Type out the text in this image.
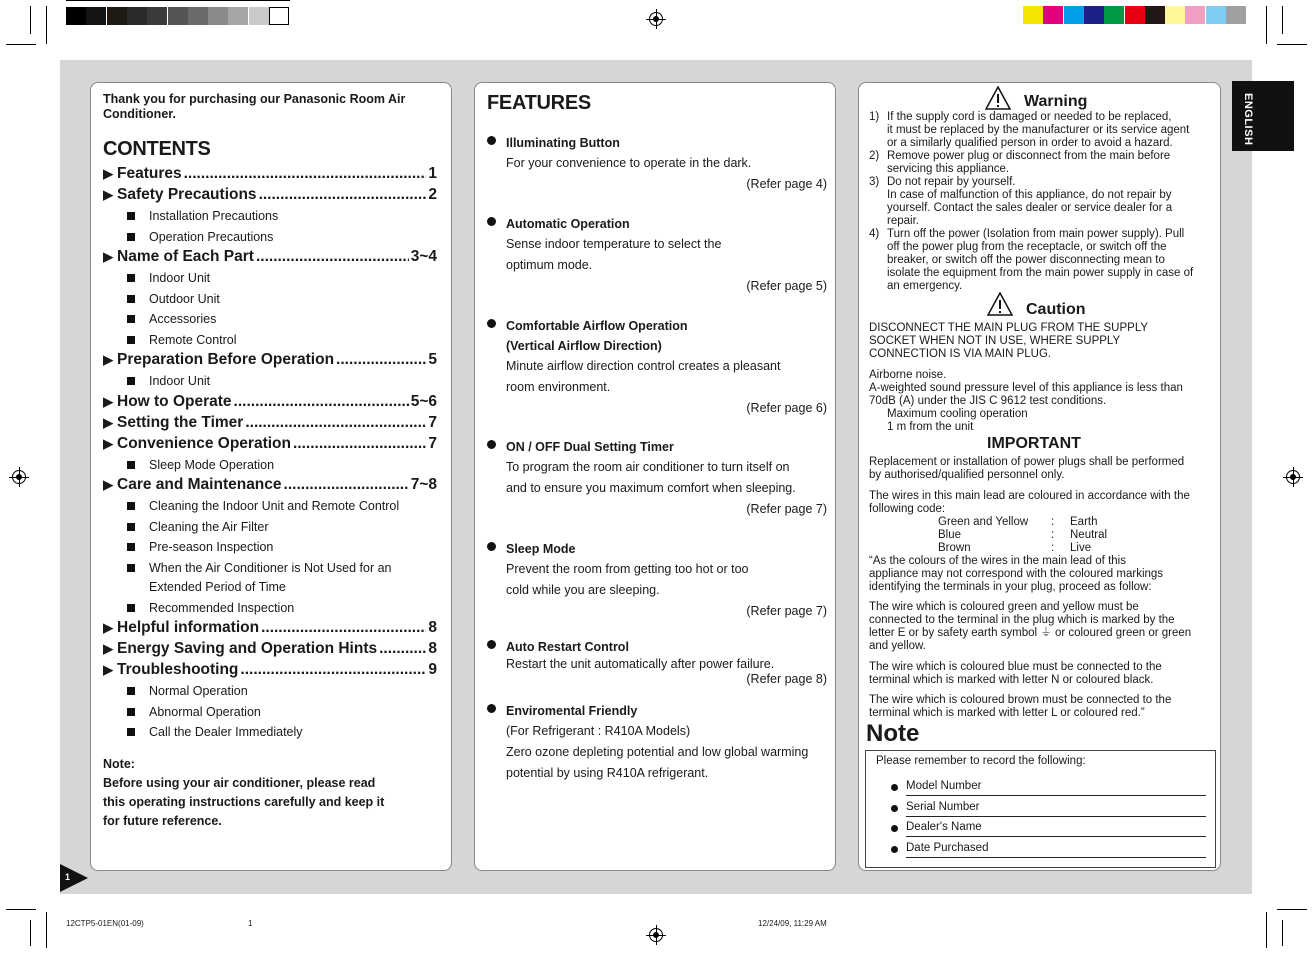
1
ENGLISH
Thank you for purchasing our Panasonic Room Air Conditioner.
CONTENTS
Note:
Before using your air conditioner, please read
this operating instructions carefully and keep it
for future reference.
▶ Features .....	1
▶ Safety Precautions .....	2
Installation Precautions
Operation Precautions
▶ Name of Each Part .....	3~4
Indoor Unit
Outdoor Unit
Accessories
Remote Control
▶ Preparation Before Operation .....	5
Indoor Unit
▶ How to Operate .....	5~6
▶ Setting the Timer .....	7
▶ Convenience Operation .....	7
Sleep Mode Operation
▶ Care and Maintenance .....	7~8
Cleaning the Indoor Unit and Remote Control
Cleaning the Air Filter
Pre-season Inspection
When the Air Conditioner is Not Used for an Extended Period of Time
Recommended Inspection
▶ Helpful information .....	8
▶ Energy Saving and Operation Hints .....	8
▶ Troubleshooting .....	9
Normal Operation
Abnormal Operation
Call the Dealer Immediately
FEATURES
Illuminating Button
For your convenience to operate in the dark.
(Refer page 4)
Automatic Operation
Sense indoor temperature to select the
optimum mode.
(Refer page 5)
Comfortable Airflow Operation
(Vertical Airflow Direction)
Minute airflow direction control creates a pleasant
room environment.
(Refer page 6)
ON / OFF Dual Setting Timer
To program the room air conditioner to turn itself on
and to ensure you maximum comfort when sleeping.
(Refer page 7)
Sleep Mode
Prevent the room from getting too hot or too
cold while you are sleeping.
(Refer page 7)
Auto Restart Control
Restart the unit automatically after power failure.
(Refer page 8)
Enviromental Friendly
(For Refrigerant : R410A Models)
Zero ozone depleting potential and low global warming
potential by using R410A refrigerant.
Warning
1) If the supply cord is damaged or needed to be replaced,
it must be replaced by the manufacturer or its service agent
or a similarly qualified person in order to avoid a hazard.
2) Remove power plug or disconnect from the main before
servicing this appliance.
3) Do not repair by yourself.
In case of malfunction of this appliance, do not repair by
yourself. Contact the sales dealer or service dealer for a
repair.
4) Turn off the power (Isolation from main power supply). Pull
off the power plug from the receptacle, or switch off the
breaker, or switch off the power disconnecting mean to
isolate the equipment from the main power supply in case of
an emergency.
Caution
DISCONNECT THE MAIN PLUG FROM THE SUPPLY
SOCKET WHEN NOT IN USE, WHERE SUPPLY
CONNECTION IS VIA MAIN PLUG.
Airborne noise.
A-weighted sound pressure level of this appliance is less than
70dB (A) under the JIS C 9612 test conditions.
Maximum cooling operation
1 m from the unit
IMPORTANT
Replacement or installation of power plugs shall be performed
by authorised/qualified personnel only.
The wires in this main lead are coloured in accordance with the
following code:
Green and Yellow : Earth
Blue	: Neutral
Brown	: Live
“As the colours of the wires in the main lead of this
appliance may not correspond with the coloured markings
identifying the terminals in your plug, proceed as follow:
The wire which is coloured green and yellow must be
connected to the terminal in the plug which is marked by the
letter E or by safety earth symbol ⏚ or coloured green or green
and yellow.
The wire which is coloured blue must be connected to the
terminal which is marked with letter N or coloured black.
The wire which is coloured brown must be connected to the
terminal which is marked with letter L or coloured red.”
Note
Please remember to record the following:
Model Number
Serial Number
Dealer's Name
Date Purchased
12CTP5-01EN(01-09)	1	12/24/09, 11:29 AM
